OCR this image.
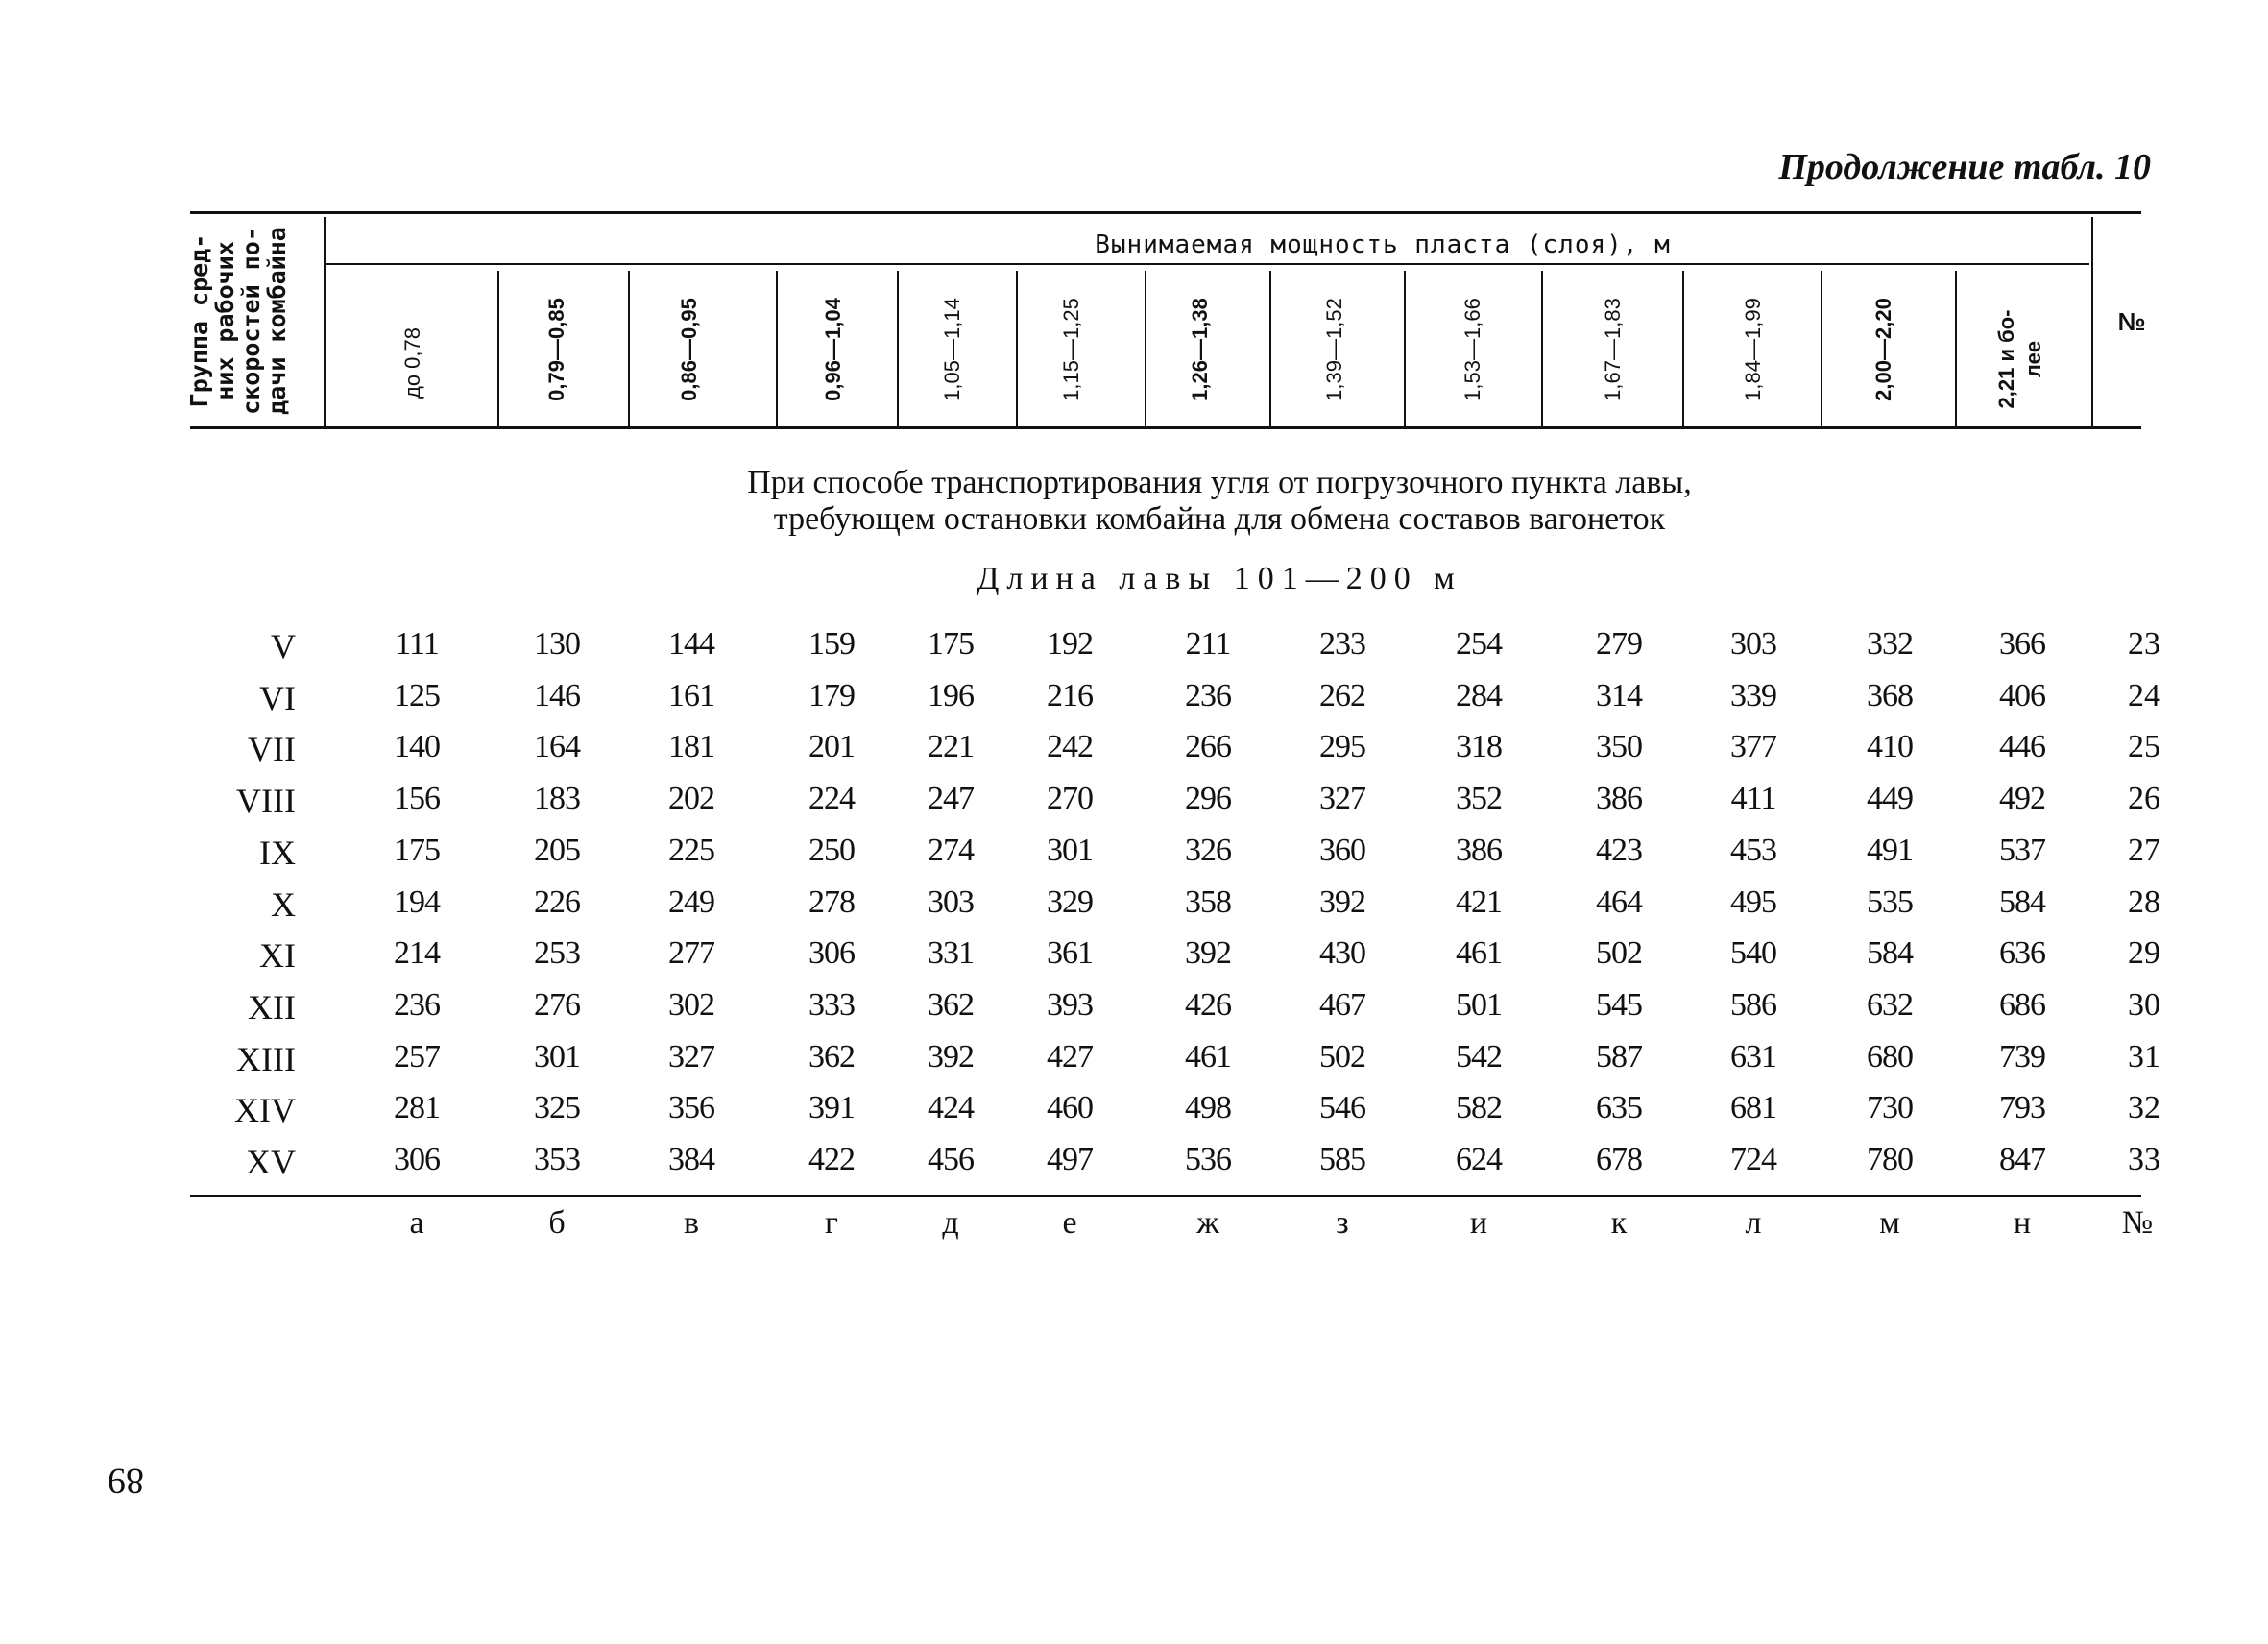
Продолжение табл. 10
Группа сред-
них рабочих
скоростей по-
дачи комбайна	Вынимаемая мощность пласта (слоя), м
до 0,78	0,79—0,85	0,86—0,95	0,96—1,04	1,05—1,14	1,15—1,25	1,26—1,38	1,39—1,52	1,53—1,66	1,67—1,83	1,84—1,99	2,00—2,20	2,21 и бо- лее
№
При способе транспортирования угля от погрузочного пункта лавы,
требующем остановки комбайна для обмена составов вагонеток
Длина лавы 101—200 м
V	111	130	144	159	175	192	211	233	254	279	303	332	366	23
VI	125	146	161	179	196	216	236	262	284	314	339	368	406	24
VII	140	164	181	201	221	242	266	295	318	350	377	410	446	25
VIII	156	183	202	224	247	270	296	327	352	386	411	449	492	26
IX	175	205	225	250	274	301	326	360	386	423	453	491	537	27
X	194	226	249	278	303	329	358	392	421	464	495	535	584	28
XI	214	253	277	306	331	361	392	430	461	502	540	584	636	29
XII	236	276	302	333	362	393	426	467	501	545	586	632	686	30
XIII	257	301	327	362	392	427	461	502	542	587	631	680	739	31
XIV	281	325	356	391	424	460	498	546	582	635	681	730	793	32
XV	306	353	384	422	456	497	536	585	624	678	724	780	847	33
а	б	в	г	д	е	ж	з	и	к	л	м	н	№
89
